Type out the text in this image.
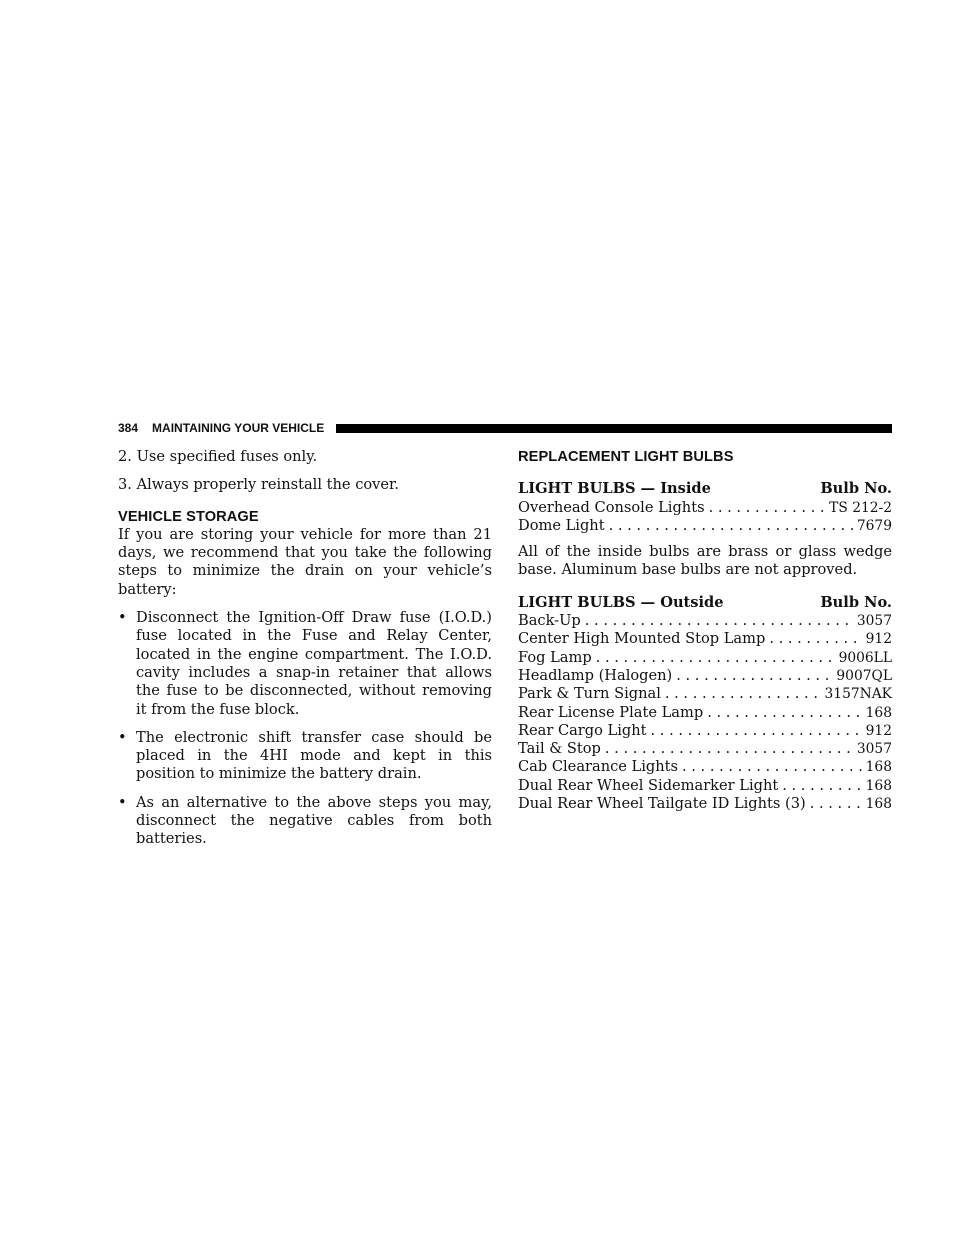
384 MAINTAINING YOUR VEHICLE

2. Use specified fuses only.

3. Always properly reinstall the cover.

VEHICLE STORAGE

If you are storing your vehicle for more than 21 days, we recommend that you take the following steps to minimize the drain on your vehicle’s battery:

• Disconnect the Ignition-Off Draw fuse (I.O.D.) fuse located in the Fuse and Relay Center, located in the engine compartment. The I.O.D. cavity includes a snap-in retainer that allows the fuse to be disconnected, without removing it from the fuse block.
• The electronic shift transfer case should be placed in the 4HI mode and kept in this position to minimize the battery drain.
• As an alternative to the above steps you may, disconnect the negative cables from both batteries.
REPLACEMENT LIGHT BULBS
LIGHT BULBS — Inside	Bulb No.
Overhead Console Lights . . .	TS 212-2
Dome Light . . .	7679

All of the inside bulbs are brass or glass wedge base. Aluminum base bulbs are not approved.

LIGHT BULBS — Outside	Bulb No.
Back-Up . . .	3057
Center High Mounted Stop Lamp . . .	912
Fog Lamp . . .	9006LL
Headlamp (Halogen) . . .	9007QL
Park & Turn Signal . . .	3157NAK
Rear License Plate Lamp . . .	168
Rear Cargo Light . . .	912
Tail & Stop . . .	3057
Cab Clearance Lights . . .	168
Dual Rear Wheel Sidemarker Light . . .	168
Dual Rear Wheel Tailgate ID Lights (3) . . .	168
